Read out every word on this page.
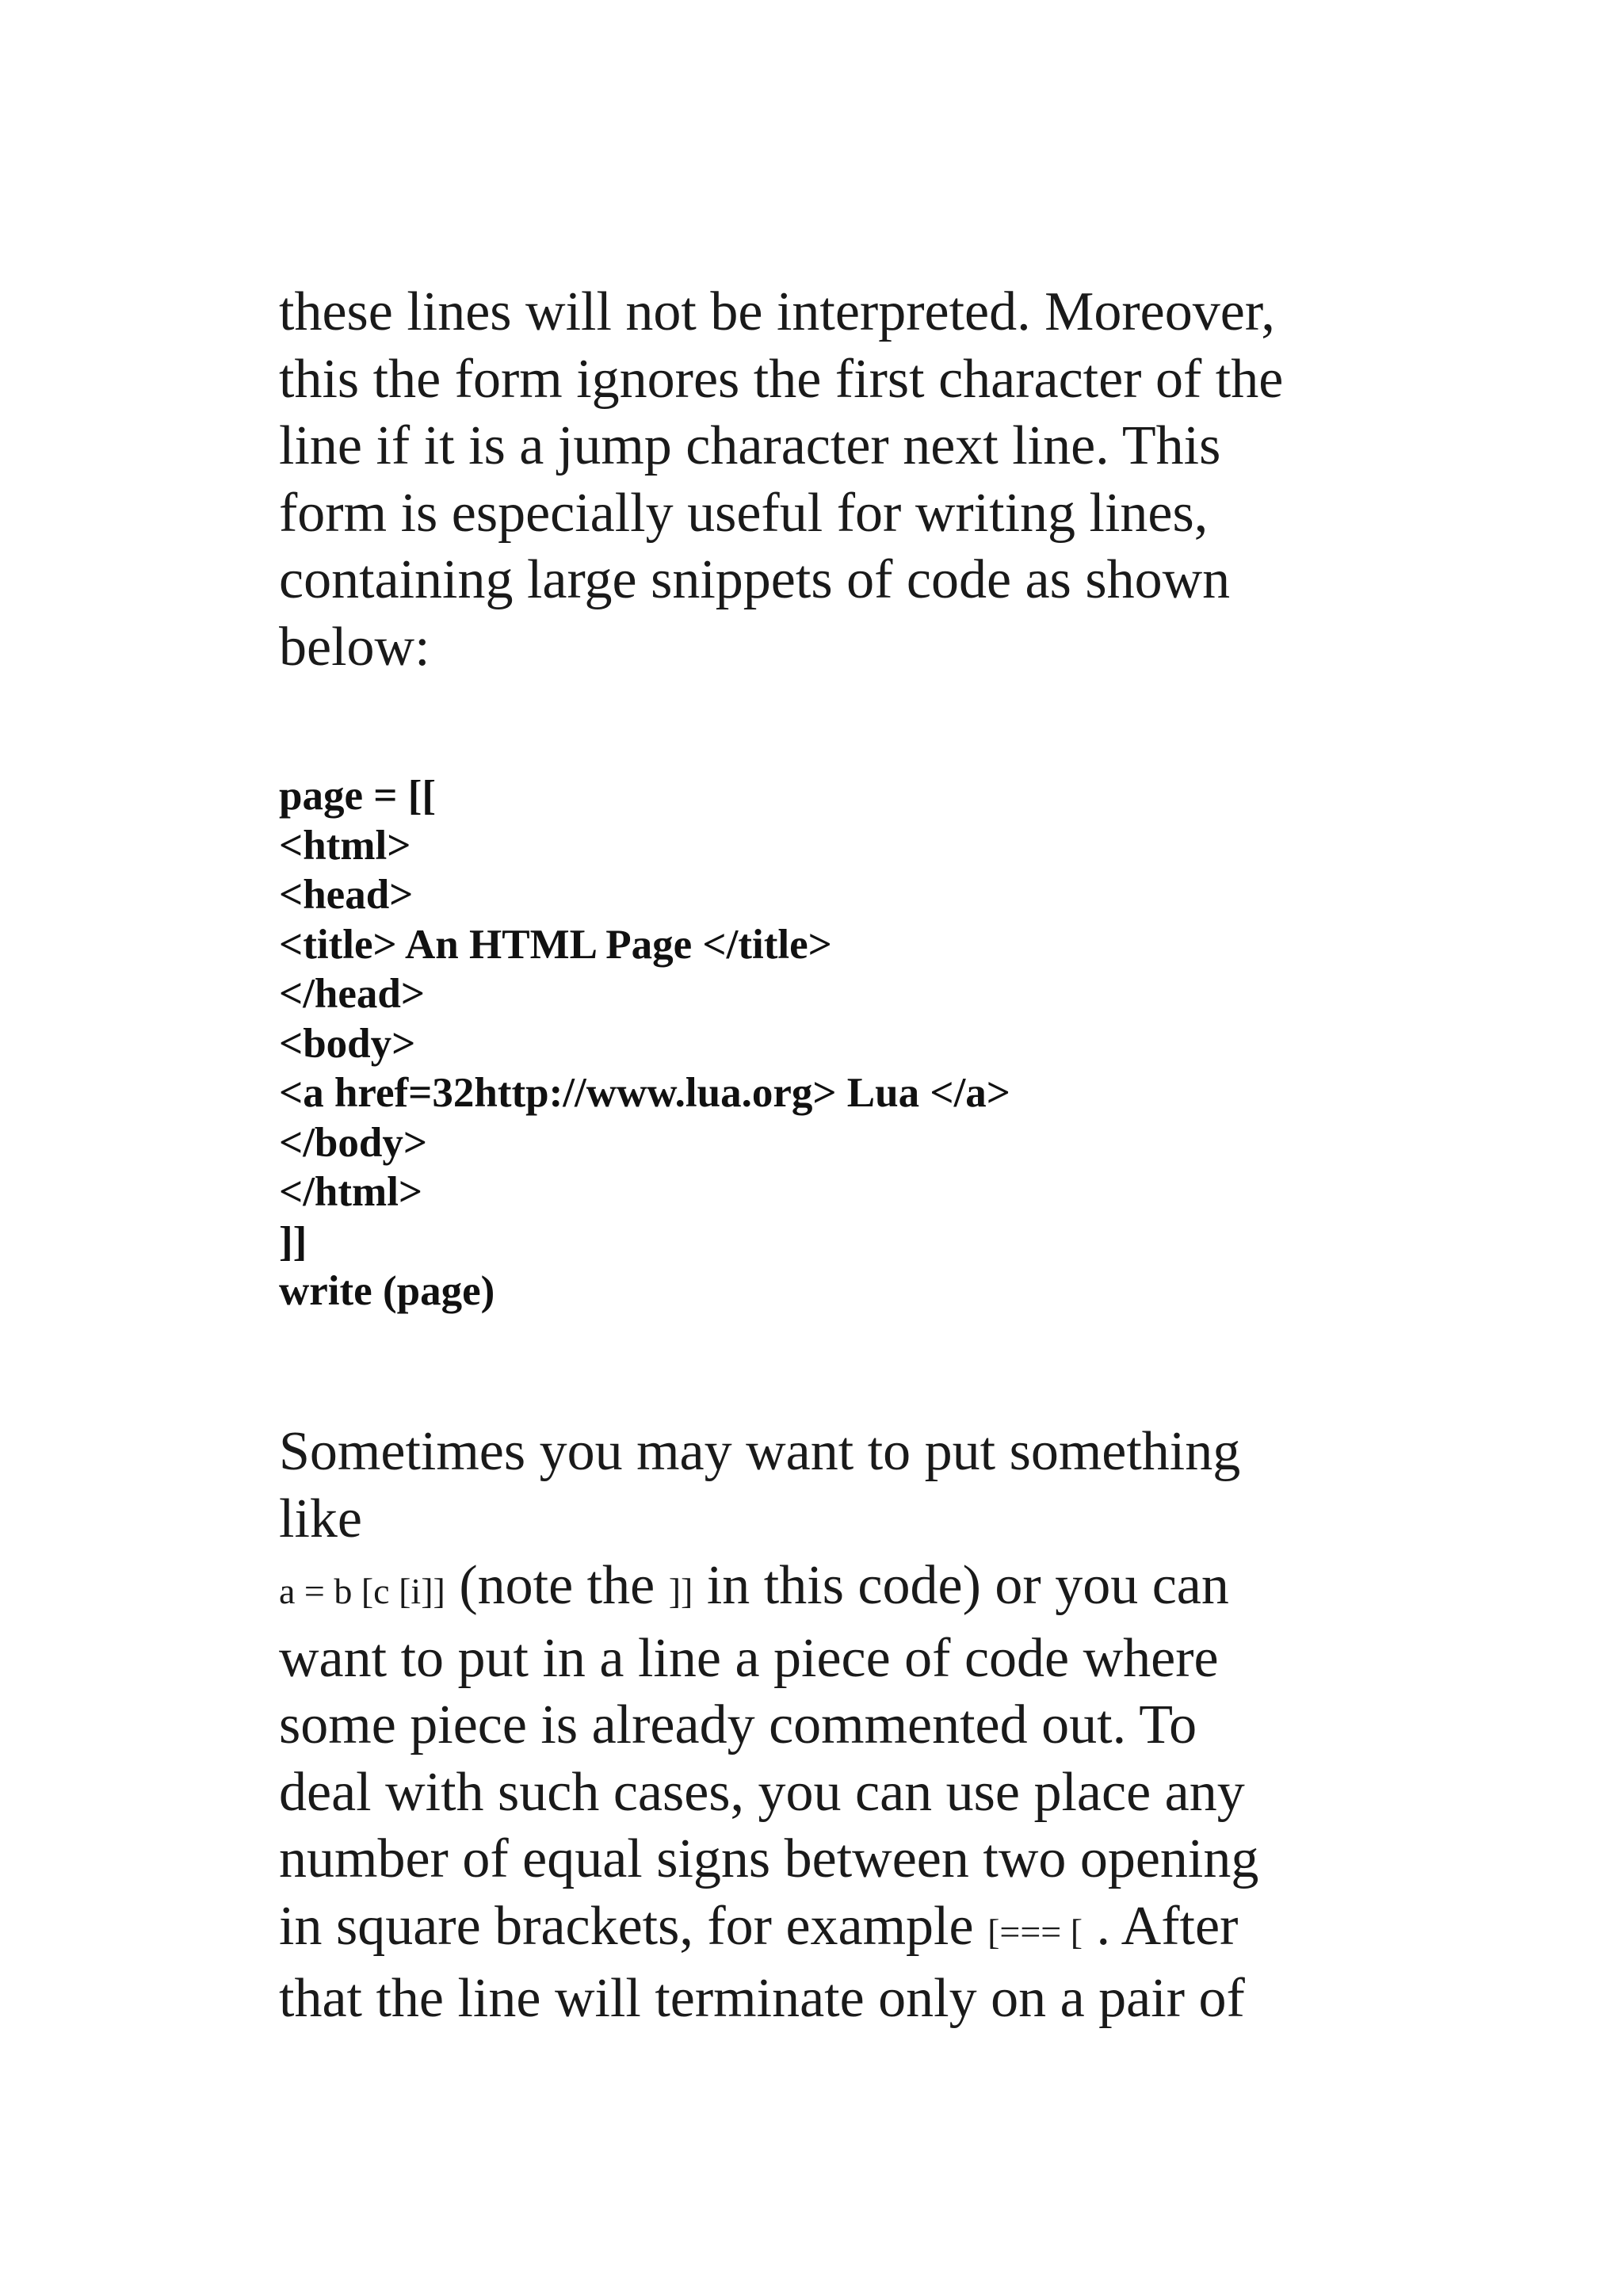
these lines will not be interpreted. Moreover,
this the form ignores the first character of the
line if it is a jump character next line. This
form is especially useful for writing lines,
containing large snippets of code as shown
below:
page = [[
<html>
<head>
<title> An HTML Page </title>
</head>
<body>
<a href=32http://www.lua.org> Lua </a>
</body>
</html>
]]
write (page)
Sometimes you may want to put something
like
a = b [c [i]] (note the ]] in this code) or you can
want to put in a line a piece of code where
some piece is already commented out. To
deal with such cases, you can use place any
number of equal signs between two opening
in square brackets, for example [=== [ . After
that the line will terminate only on a pair of
